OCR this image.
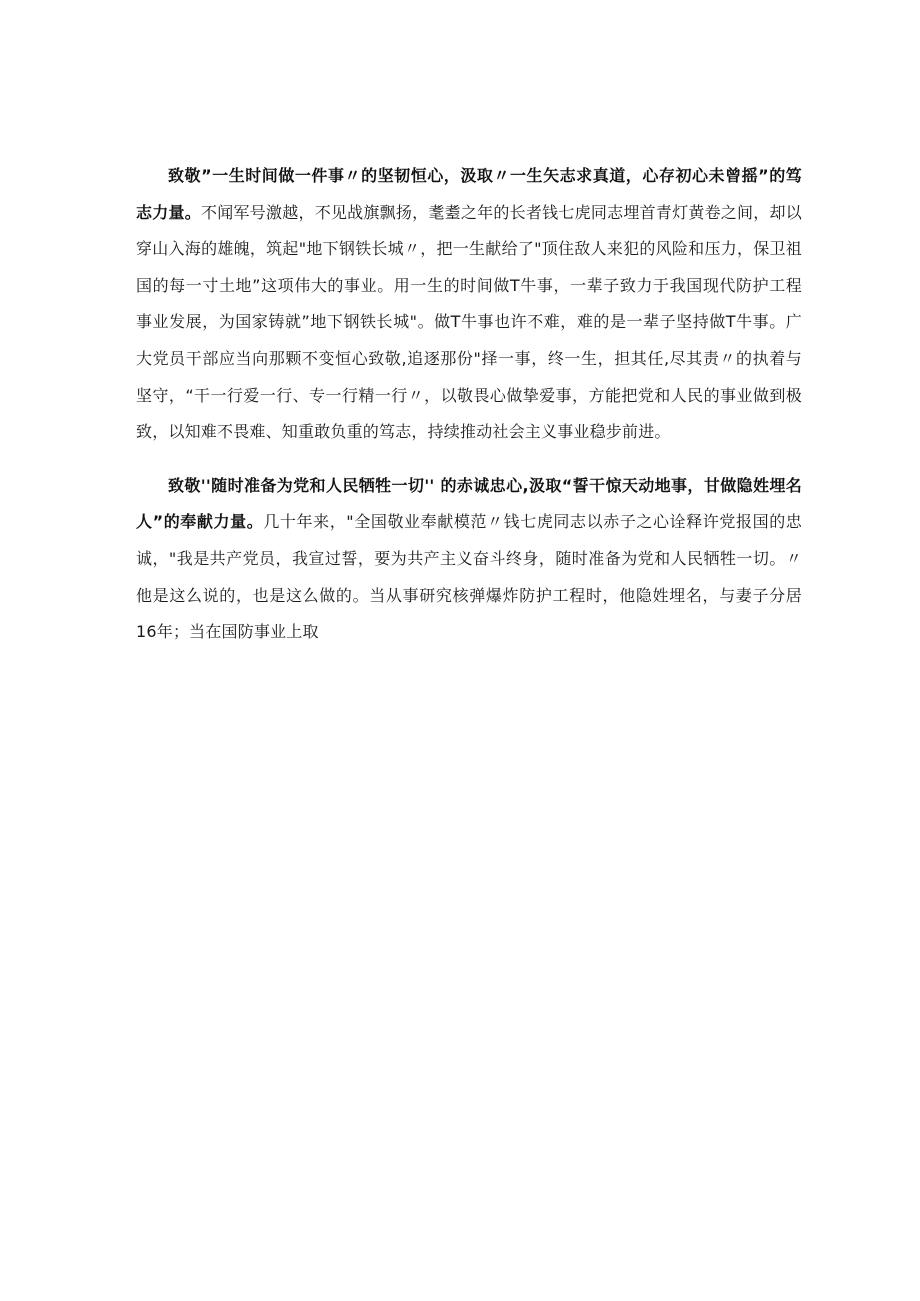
致敬”一生时间做一件事〃的坚韧恒心，汲取〃一生矢志求真道，心存初心未曾摇”的笃志力量。不闻军号激越，不见战旗飘扬，耄耋之年的长者钱七虎同志埋首青灯黄卷之间，却以穿山入海的雄魄，筑起"地下钢铁长城〃，把一生献给了"顶住敌人来犯的风险和压力，保卫祖国的每一寸土地”这项伟大的事业。用一生的时间做T牛事，一辈子致力于我国现代防护工程事业发展，为国家铸就”地下钢铁长城"。做T牛事也许不难，难的是一辈子坚持做T牛事。广大党员干部应当向那颗不变恒心致敬,追逐那份"择一事，终一生，担其任,尽其责〃的执着与坚守，“干一行爱一行、专一行精一行〃，以敬畏心做挚爱事，方能把党和人民的事业做到极致，以知难不畏难、知重敢负重的笃志，持续推动社会主义事业稳步前进。

致敬''随时准备为党和人民牺牲一切'' 的赤诚忠心,汲取“誓干惊天动地事，甘做隐姓埋名人”的奉献力量。几十年来，"全国敬业奉献模范〃钱七虎同志以赤子之心诠释许党报国的忠诚，"我是共产党员，我宣过誓，要为共产主义奋斗终身，随时准备为党和人民牺牲一切。〃他是这么说的，也是这么做的。当从事研究核弹爆炸防护工程时，他隐姓埋名，与妻子分居16年；当在国防事业上取
